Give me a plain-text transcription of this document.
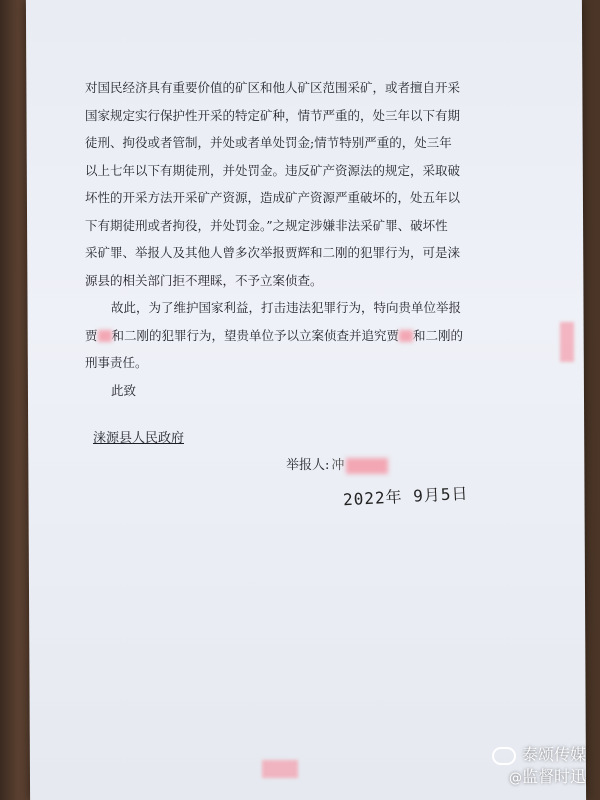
对国民经济具有重要价值的矿区和他人矿区范围采矿，或者擅自开采
国家规定实行保护性开采的特定矿种，情节严重的，处三年以下有期
徒刑、拘役或者管制，并处或者单处罚金;情节特别严重的，处三年
以上七年以下有期徒刑，并处罚金。违反矿产资源法的规定，采取破
坏性的开采方法开采矿产资源，造成矿产资源严重破坏的，处五年以
下有期徒刑或者拘役，并处罚金。”之规定涉嫌非法采矿罪、破坏性
采矿罪、举报人及其他人曾多次举报贾辉和二刚的犯罪行为，可是涞
源县的相关部门拒不理睬，不予立案侦查。
故此，为了维护国家利益，打击违法犯罪行为，特向贵单位举报
贾 和二刚的犯罪行为，望贵单位予以立案侦查并追究贾 和二刚的
刑事责任。
此致
涞源县人民政府
举报人: 冲
2022年 9月5日
泰颂传媒
@监督时迅
